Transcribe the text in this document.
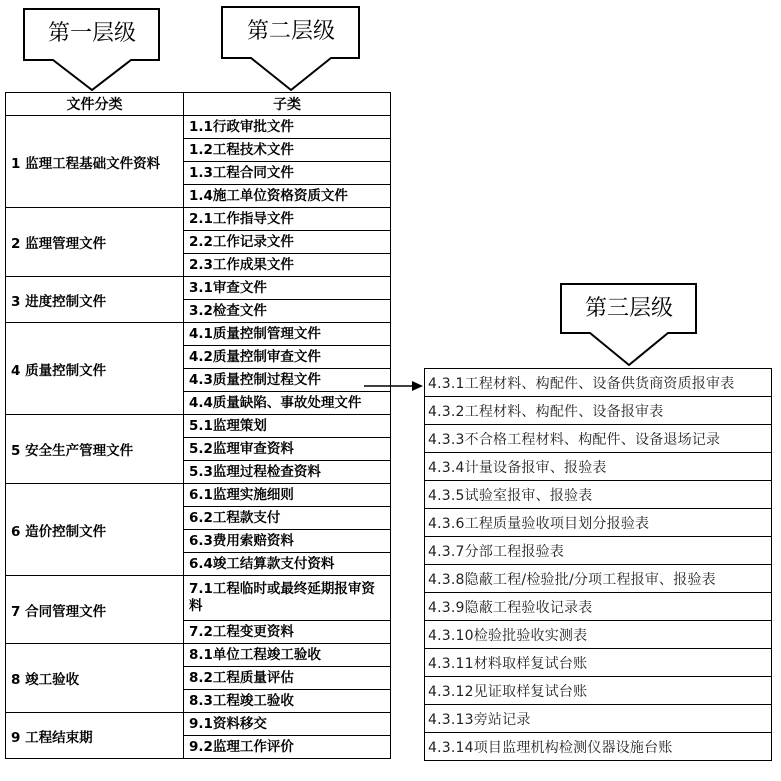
第一层级	第二层级
第三层级
文件分类	子类
1 监理工程基础文件资料	1.1行政审批文件
	1.2工程技术文件
	1.3工程合同文件
	1.4施工单位资格资质文件
2 监理管理文件	2.1工作指导文件
	2.2工作记录文件
	2.3工作成果文件
3 进度控制文件	3.1审查文件
	3.2检查文件
4 质量控制文件	4.1质量控制管理文件
	4.2质量控制审查文件
	4.3质量控制过程文件
	4.4质量缺陷、事故处理文件
5 安全生产管理文件	5.1监理策划
	5.2监理审查资料
	5.3监理过程检查资料
6 造价控制文件	6.1监理实施细则
	6.2工程款支付
	6.3费用索赔资料
	6.4竣工结算款支付资料
7 合同管理文件	7.1工程临时或最终延期报审资料
	7.2工程变更资料
8 竣工验收	8.1单位工程竣工验收
	8.2工程质量评估
	8.3工程竣工验收
9 工程结束期	9.1资料移交
	9.2监理工作评价
4.3.1工程材料、构配件、设备供货商资质报审表
4.3.2工程材料、构配件、设备报审表
4.3.3不合格工程材料、构配件、设备退场记录
4.3.4计量设备报审、报验表
4.3.5试验室报审、报验表
4.3.6工程质量验收项目划分报验表
4.3.7分部工程报验表
4.3.8隐蔽工程/检验批/分项工程报审、报验表
4.3.9隐蔽工程验收记录表
4.3.10检验批验收实测表
4.3.11材料取样复试台账
4.3.12见证取样复试台账
4.3.13旁站记录
4.3.14项目监理机构检测仪器设施台账
